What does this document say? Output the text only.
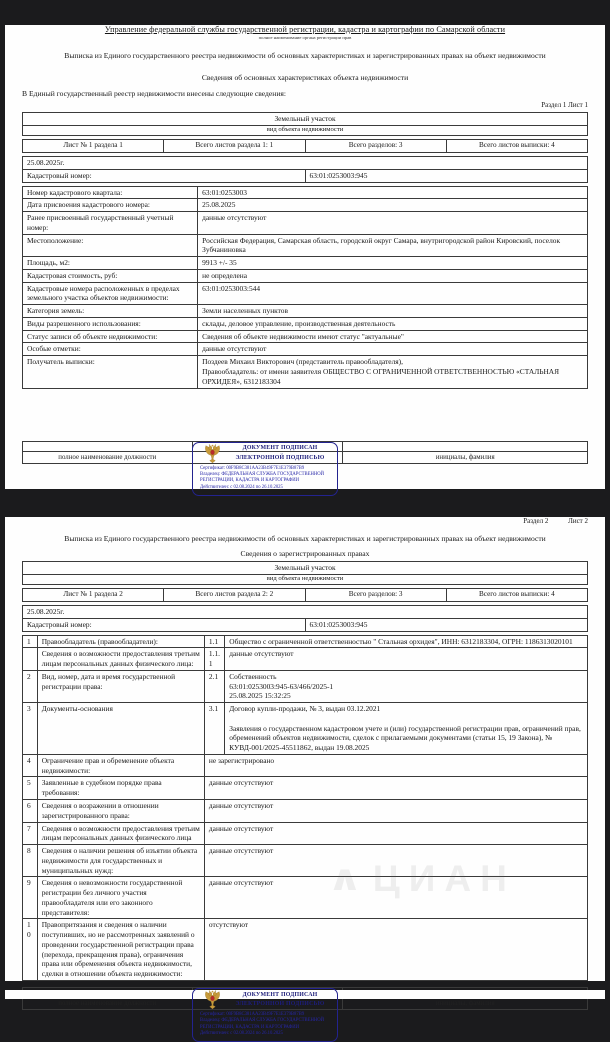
Управление федеральной службы государственной регистрации, кадастра и картографии по Самарской области
полное наименование органа регистрации прав
Выписка из Единого государственного реестра недвижимости об основных характеристиках и зарегистрированных правах на объект недвижимости
Сведения об основных характеристиках объекта недвижимости
В Единый государственный реестр недвижимости внесены следующие сведения:
Раздел 1 Лист 1
Земельный участок
вид объекта недвижимости
Лист № 1 раздела 1	Всего листов раздела 1: 1	Всего разделов: 3	Всего листов выписки: 4
25.08.2025г.
Кадастровый номер:	63:01:0253003:945
Номер кадастрового квартала:	63:01:0253003
Дата присвоения кадастрового номера:	25.08.2025
Ранее присвоенный государственный учетный номер:	данные отсутствуют
Местоположение:	Российская Федерация, Самарская область, городской округ Самара, внутригородской район Кировский, поселок Зубчаниновка
Площадь, м2:	9913 +/- 35
Кадастровая стоимость, руб:	не определена
Кадастровые номера расположенных в пределах земельного участка объектов недвижимости:	63:01:0253003:544
Категория земель:	Земли населенных пунктов
Виды разрешенного использования:	склады, деловое управление, производственная деятельность
Статус записи об объекте недвижимости:	Сведения об объекте недвижимости имеют статус "актуальные"
Особые отметки:	данные отсутствуют
Получатель выписки:	Поздеев Михаил Викторович (представитель правообладателя),
Правообладатель: от имени заявителя ОБЩЕСТВО С ОГРАНИЧЕННОЙ ОТВЕТСТВЕННОСТЬЮ «СТАЛЬНАЯ ОРХИДЕЯ», 6312183304

полное наименование должности		инициалы, фамилия
ДОКУМЕНТ ПОДПИСАН
ЭЛЕКТРОННОЙ ПОДПИСЬЮ
Сертификат: 00F9B8C381AA23B49F7E1E379B87B9
Владелец: ФЕДЕРАЛЬНАЯ СЛУЖБА ГОСУДАРСТВЕННОЙ
РЕГИСТРАЦИИ, КАДАСТРА И КАРТОГРАФИИ
Действителен: с 02.08.2024 по 26.10.2025
∧ ЦИАН
Раздел 2	Лист 2
Выписка из Единого государственного реестра недвижимости об основных характеристиках и зарегистрированных правах на объект недвижимости
Сведения о зарегистрированных правах
Земельный участок
вид объекта недвижимости
Лист № 1 раздела 2	Всего листов раздела 2: 2	Всего разделов: 3	Всего листов выписки: 4
25.08.2025г.
Кадастровый номер:	63:01:0253003:945
1	Правообладатель (правообладатели):	1.1	Общество с ограниченной ответственностью " Стальная орхидея", ИНН: 6312183304, ОГРН: 1186313020101
	Сведения о возможности предоставления третьим лицам персональных данных физического лица:	1.1.1	данные отсутствуют
2	Вид, номер, дата и время государственной регистрации права:	2.1	Собственность
63:01:0253003:945-63/466/2025-1
25.08.2025 15:32:25
3	Документы-основания	3.1	Договор купли-продажи, № 3, выдан 03.12.2021

Заявления о государственном кадастровом учете и (или) государственной регистрации прав, ограничений прав, обременений объектов недвижимости, сделок с прилагаемыми документами (статьи 15, 19 Закона), № КУВД-001/2025-45511862, выдан 19.08.2025
4	Ограничение прав и обременение объекта недвижимости:	не зарегистрировано	
5	Заявленные в судебном порядке права требования:	данные отсутствуют	
6	Сведения о возражении в отношении зарегистрированного права:	данные отсутствуют	
7	Сведения о возможности предоставления третьим лицам персональных данных физического лица	данные отсутствуют	
8	Сведения о наличии решения об изъятии объекта недвижимости для государственных и муниципальных нужд:	данные отсутствуют	
9	Сведения о невозможности государственной регистрации без личного участия правообладателя или его законного представителя:	данные отсутствуют	
10	Правопритязания и сведения о наличии поступивших, но не рассмотренных заявлений о проведении государственной регистрации права (перехода, прекращения права), ограничения права или обременения объекта недвижимости, сделки в отношении объекта недвижимости:	отсутствуют	

полное наименование должности		инициалы, фамилия
ДОКУМЕНТ ПОДПИСАН
ЭЛЕКТРОННОЙ ПОДПИСЬЮ
Сертификат: 00F9B8C381AA23B49F7E1E379B87B9
Владелец: ФЕДЕРАЛЬНАЯ СЛУЖБА ГОСУДАРСТВЕННОЙ
РЕГИСТРАЦИИ, КАДАСТРА И КАРТОГРАФИИ
Действителен: с 02.08.2024 по 26.10.2025
